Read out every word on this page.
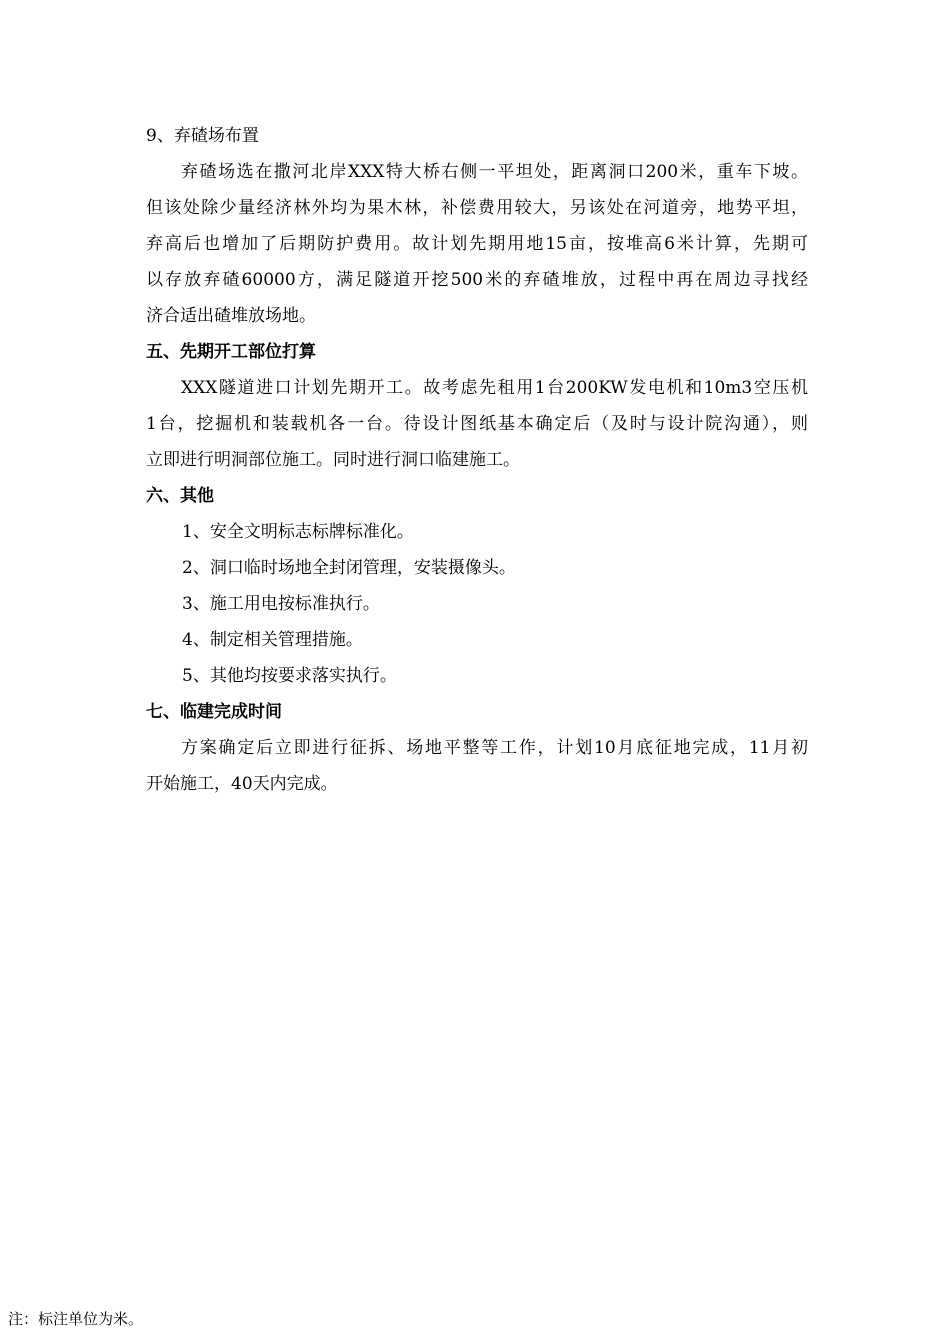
9、弃碴场布置
弃碴场选在撒河北岸XXX特大桥右侧一平坦处，距离洞口200米，重车下坡。
但该处除少量经济林外均为果木林，补偿费用较大，另该处在河道旁，地势平坦，
弃高后也增加了后期防护费用。故计划先期用地15亩，按堆高6米计算，先期可
以存放弃碴60000方，满足隧道开挖500米的弃碴堆放，过程中再在周边寻找经
济合适出碴堆放场地。
五、先期开工部位打算
XXX隧道进口计划先期开工。故考虑先租用1台200KW发电机和10m3空压机
1台，挖掘机和装载机各一台。待设计图纸基本确定后（及时与设计院沟通），则
立即进行明洞部位施工。同时进行洞口临建施工。
六、其他
1、安全文明标志标牌标准化。
2、洞口临时场地全封闭管理，安装摄像头。
3、施工用电按标准执行。
4、制定相关管理措施。
5、其他均按要求落实执行。
七、临建完成时间
方案确定后立即进行征拆、场地平整等工作，计划10月底征地完成，11月初
开始施工，40天内完成。
注：标注单位为米。
